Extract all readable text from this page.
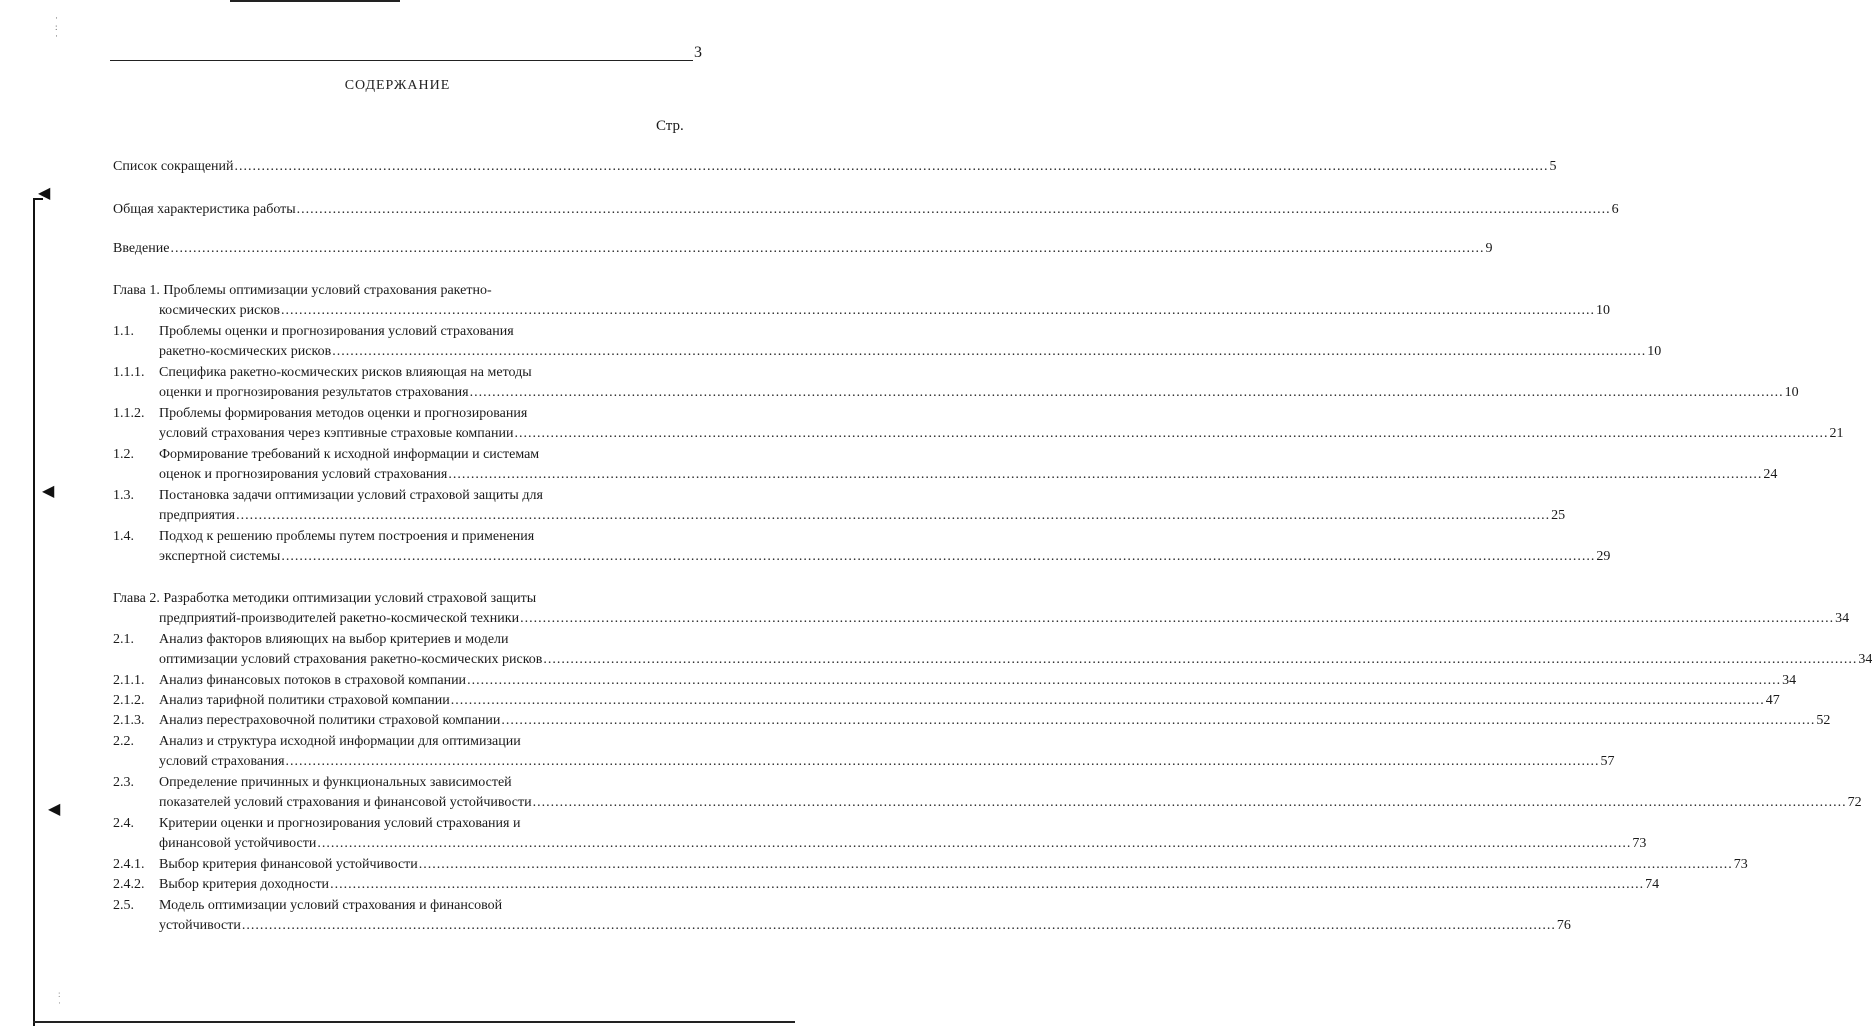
·
:
·
:
·
3
◀
◀
◀
СОДЕРЖАНИЕ
Стр.
Список сокращений .....	5
Общая характеристика работы .....	6
Введение .....	9
Глава 1. Проблемы оптимизации условий страхования ракетно-
космических рисков .....	10
1.1.	Проблемы оценки и прогнозирования условий страхования
ракетно-космических рисков .....	10
1.1.1.	Специфика ракетно-космических рисков влияющая на методы
оценки и прогнозирования результатов страхования .....	10
1.1.2.	Проблемы формирования методов оценки и прогнозирования
условий страхования через кэптивные страховые компании .....	21
1.2.	Формирование требований к исходной информации и системам
оценок и прогнозирования условий страхования .....	24
1.3.	Постановка задачи оптимизации условий страховой защиты для
предприятия .....	25
1.4.	Подход к решению проблемы путем построения и применения
экспертной системы .....	29
Глава 2. Разработка методики оптимизации условий страховой защиты
предприятий-производителей ракетно-космической техники .....	34
2.1.	Анализ факторов влияющих на выбор критериев и модели
оптимизации условий страхования ракетно-космических рисков .....	34
2.1.1.	Анализ финансовых потоков в страховой компании .....	34
2.1.2.	Анализ тарифной политики страховой компании .....	47
2.1.3.	Анализ перестраховочной политики страховой компании .....	52
2.2.	Анализ и структура исходной информации для оптимизации
условий страхования .....	57
2.3.	Определение причинных и функциональных зависимостей
показателей условий страхования и финансовой устойчивости .....	72
2.4.	Критерии оценки и прогнозирования условий страхования и
финансовой устойчивости .....	73
2.4.1.	Выбор критерия финансовой устойчивости .....	73
2.4.2.	Выбор критерия доходности .....	74
2.5.	Модель оптимизации условий страхования и финансовой
устойчивости .....	76
